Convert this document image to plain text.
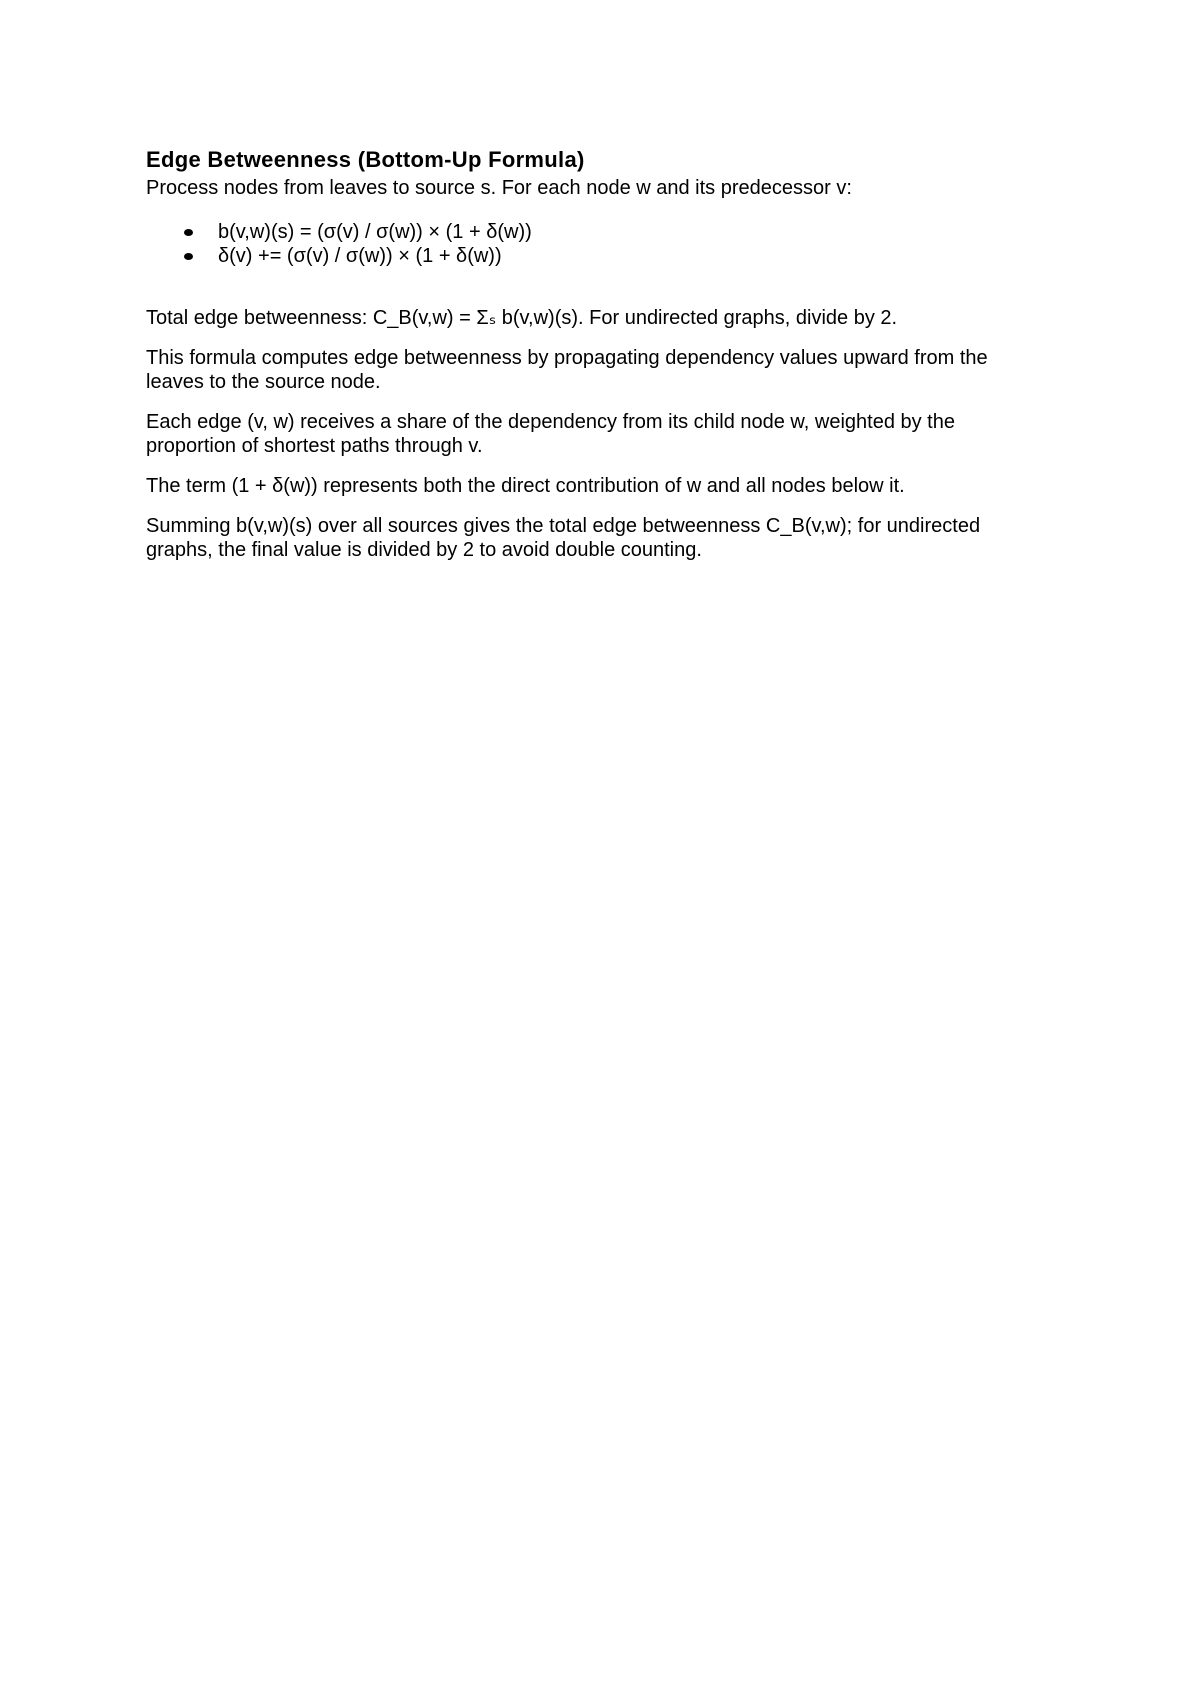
Edge Betweenness (Bottom-Up Formula)

Process nodes from leaves to source s. For each node w and its predecessor v:

b(v,w)(s) = (σ(v) / σ(w)) × (1 + δ(w))
δ(v) += (σ(v) / σ(w)) × (1 + δ(w))

Total edge betweenness: C_B(v,w) = Σₛ b(v,w)(s). For undirected graphs, divide by 2.

This formula computes edge betweenness by propagating dependency values upward from the leaves to the source node.

Each edge (v, w) receives a share of the dependency from its child node w, weighted by the proportion of shortest paths through v.

The term (1 + δ(w)) represents both the direct contribution of w and all nodes below it.

Summing b(v,w)(s) over all sources gives the total edge betweenness C_B(v,w); for undirected graphs, the final value is divided by 2 to avoid double counting.
